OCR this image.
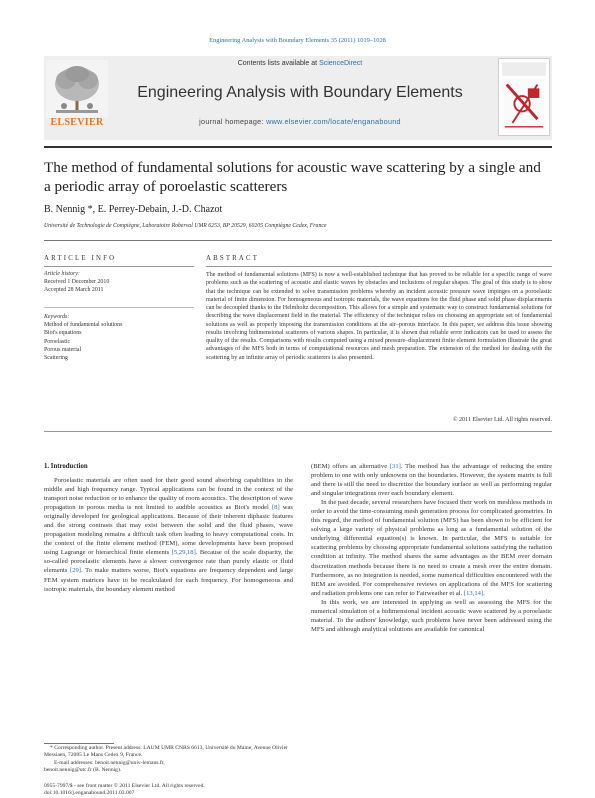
Engineering Analysis with Boundary Elements 35 (2011) 1019–1028
ELSEVIER
Contents lists available at ScienceDirect
Engineering Analysis with Boundary Elements
journal homepage: www.elsevier.com/locate/enganabound
The method of fundamental solutions for acoustic wave scattering by a single and a periodic array of poroelastic scatterers
B. Nennig *, E. Perrey-Debain, J.-D. Chazot
Université de Technologie de Compiègne, Laboratoire Roberval UMR 6253, BP 20529, 60205 Compiègne Cedex, France
ARTICLE INFO	ABSTRACT
Article history:
Received 1 December 2010
Accepted 28 March 2011
Keywords:
Method of fundamental solutions
Biot's equations
Poroelastic
Porous material
Scattering
The method of fundamental solutions (MFS) is now a well-established technique that has proved to be reliable for a specific range of wave problems such as the scattering of acoustic and elastic waves by obstacles and inclusions of regular shapes. The goal of this study is to show that the technique can be extended to solve transmission problems whereby an incident acoustic pressure wave impinges on a poroelastic material of finite dimension. For homogeneous and isotropic materials, the wave equations for the fluid phase and solid phase displacements can be decoupled thanks to the Helmholtz decomposition. This allows for a simple and systematic way to construct fundamental solutions for describing the wave displacement field in the material. The efficiency of the technique relies on choosing an appropriate set of fundamental solutions as well as properly imposing the transmission conditions at the air–porous interface. In this paper, we address this issue showing results involving bidimensional scatterers of various shapes. In particular, it is shown that reliable error indicators can be used to assess the quality of the results. Comparisons with results computed using a mixed pressure–displacement finite element formulation illustrate the great advantages of the MFS both in terms of computational resources and mesh preparation. The extension of the method for dealing with the scattering by an infinite array of periodic scatterers is also presented.
© 2011 Elsevier Ltd. All rights reserved.
1. Introduction

Poroelastic materials are often used for their good sound absorbing capabilities in the middle and high frequency range. Typical applications can be found in the context of the transport noise reduction or to enhance the quality of room acoustics. The description of wave propagation in porous media is not limited to audible acoustics as Biot's model [8] was originally developed for geological applications. Because of their inherent diphasic features and the strong contrasts that may exist between the solid and the fluid phases, wave propagation modeling remains a difficult task often leading to heavy computational costs. In the context of the finite element method (FEM), some developments have been proposed using Lagrange or hierarchical finite elements [5,29,18]. Because of the scale disparity, the so-called poroelastic elements have a slower convergence rate than purely elastic or fluid elements [29]. To make matters worse, Biot's equations are frequency dependent and large FEM system matrices have to be recalculated for each frequency. For homogeneous and isotropic materials, the boundary element method

(BEM) offers an alternative [31]. The method has the advantage of reducing the entire problem to one with only unknowns on the boundaries. However, the system matrix is full and there is still the need to discretize the boundary surface as well as performing regular and singular integrations over each boundary element.

In the past decade, several researchers have focused their work on meshless methods in order to avoid the time-consuming mesh generation process for complicated geometries. In this regard, the method of fundamental solution (MFS) has been shown to be efficient for solving a large variety of physical problems as long as a fundamental solution of the underlying differential equation(s) is known. In particular, the MFS is suitable for scattering problems by choosing appropriate fundamental solutions satisfying the radiation condition at infinity. The method shares the same advantages as the BEM over domain discretization methods because there is no need to create a mesh over the entire domain. Furthermore, as no integration is needed, some numerical difficulties encountered with the BEM are avoided. For comprehensive reviews on applications of the MFS for scattering and radiation problems one can refer to Fairweather et al. [13,14].

In this work, we are interested in applying as well as assessing the MFS for the numerical simulation of a bidimensional incident acoustic wave scattered by a poroelastic material. To the authors' knowledge, such problems have never been addressed using the MFS and although analytical solutions are available for canonical

* Corresponding author. Present address: LAUM UMR CNRS 6613, Université du Maine, Avenue Olivier Messiaen, 72085 Le Mans Cedex 9, France.

E-mail addresses: benoit.nennig@univ-lemans.fr,

benoit.nennig@utc.fr (B. Nennig).

0955-7997/$ - see front matter © 2011 Elsevier Ltd. All rights reserved.

doi:10.1016/j.enganabound.2011.03.007
